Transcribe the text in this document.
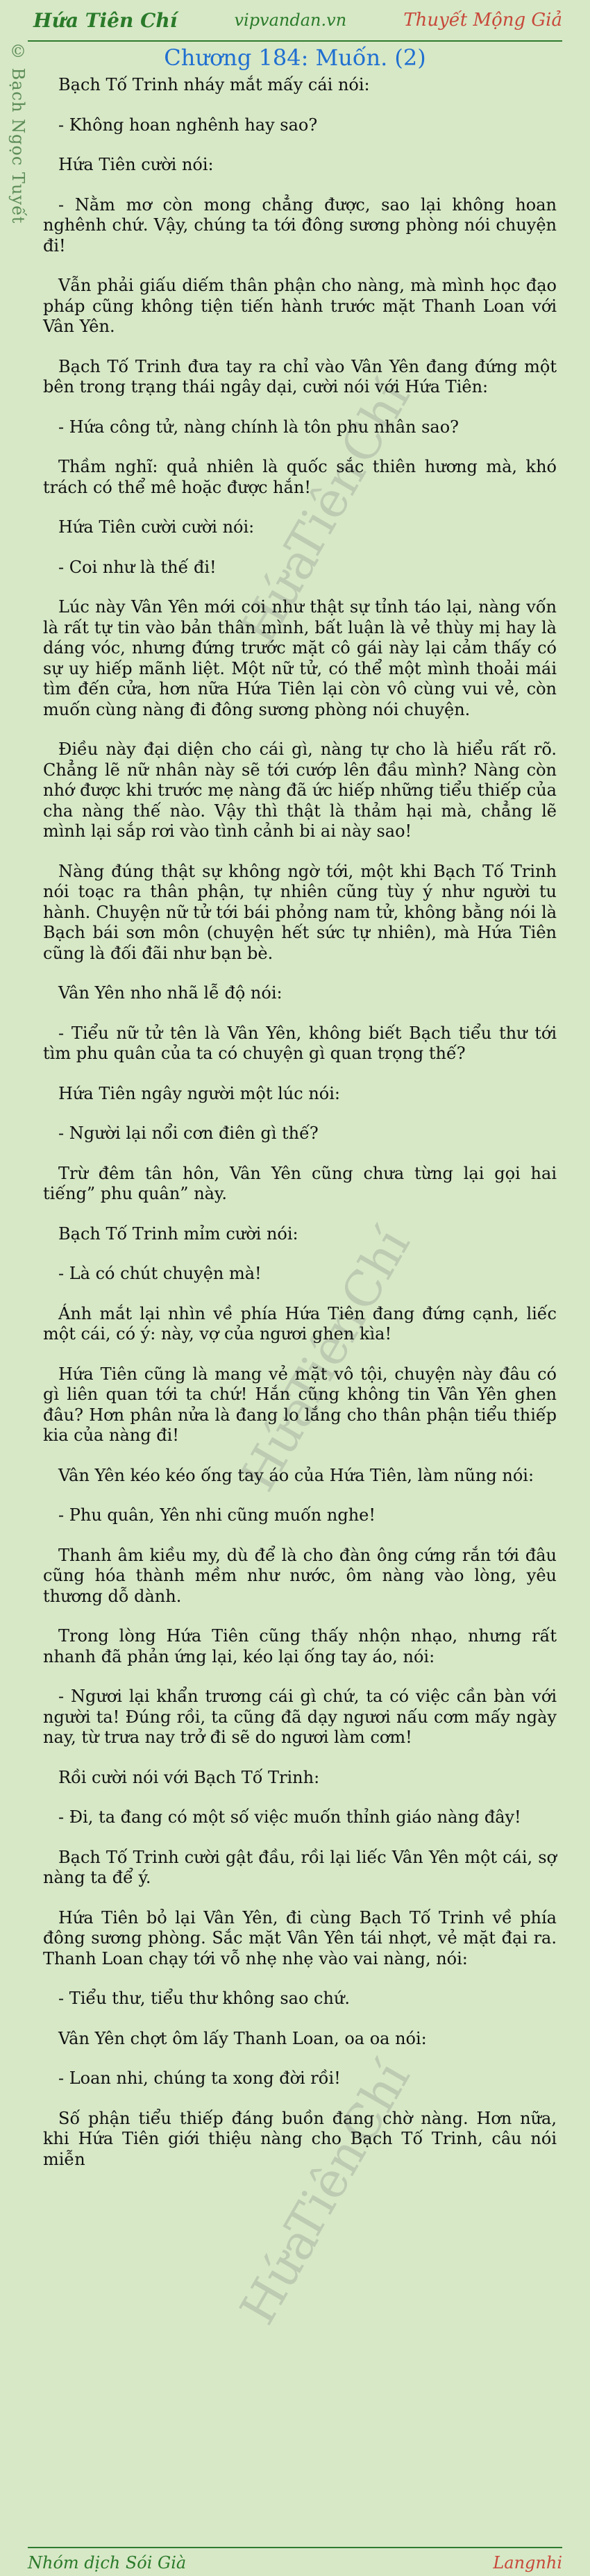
Hứa Tiên Chí	vipvandan.vn	Thuyết Mộng Giả
Chương 184: Muốn. (2)
© Bạch Ngọc Tuyết
Hứa
Tiên
Chí
Hứa
Tiên
Chí
Hứa
Tiên
Chí

Bạch Tố Trinh nháy mắt mấy cái nói:

- Không hoan nghênh hay sao?

Hứa Tiên cười nói:

- Nằm mơ còn mong chẳng được, sao lại không hoan nghênh chứ. Vậy, chúng ta tới đông sương phòng nói chuyện đi!

Vẫn phải giấu diếm thân phận cho nàng, mà mình học đạo pháp cũng không tiện tiến hành trước mặt Thanh Loan với Vân Yên.

Bạch Tố Trinh đưa tay ra chỉ vào Vân Yên đang đứng một bên trong trạng thái ngây dại, cười nói với Hứa Tiên:

- Hứa công tử, nàng chính là tôn phu nhân sao?

Thầm nghĩ: quả nhiên là quốc sắc thiên hương mà, khó trách có thể mê hoặc được hắn!

Hứa Tiên cười cười nói:

- Coi như là thế đi!

Lúc này Vân Yên mới coi như thật sự tỉnh táo lại, nàng vốn là rất tự tin vào bản thân mình, bất luận là vẻ thùy mị hay là dáng vóc, nhưng đứng trước mặt cô gái này lại cảm thấy có sự uy hiếp mãnh liệt. Một nữ tử, có thể một mình thoải mái tìm đến cửa, hơn nữa Hứa Tiên lại còn vô cùng vui vẻ, còn muốn cùng nàng đi đông sương phòng nói chuyện.

Điều này đại diện cho cái gì, nàng tự cho là hiểu rất rõ. Chẳng lẽ nữ nhân này sẽ tới cướp lên đầu mình? Nàng còn nhớ được khi trước mẹ nàng đã ức hiếp những tiểu thiếp của cha nàng thế nào. Vậy thì thật là thảm hại mà, chẳng lẽ mình lại sắp rơi vào tình cảnh bi ai này sao!

Nàng đúng thật sự không ngờ tới, một khi Bạch Tố Trinh nói toạc ra thân phận, tự nhiên cũng tùy ý như người tu hành. Chuyện nữ tử tới bái phỏng nam tử, không bằng nói là Bạch bái sơn môn (chuyện hết sức tự nhiên), mà Hứa Tiên cũng là đối đãi như bạn bè.

Vân Yên nho nhã lễ độ nói:

- Tiểu nữ tử tên là Vân Yên, không biết Bạch tiểu thư tới tìm phu quân của ta có chuyện gì quan trọng thế?

Hứa Tiên ngây người một lúc nói:

- Người lại nổi cơn điên gì thế?

Trừ đêm tân hôn, Vân Yên cũng chưa từng lại gọi hai tiếng” phu quân” này.

Bạch Tố Trinh mỉm cười nói:

- Là có chút chuyện mà!

Ánh mắt lại nhìn về phía Hứa Tiên đang đứng cạnh, liếc một cái, có ý: này, vợ của ngươi ghen kìa!

Hứa Tiên cũng là mang vẻ mặt vô tội, chuyện này đâu có gì liên quan tới ta chứ! Hắn cũng không tin Vân Yên ghen đâu? Hơn phân nửa là đang lo lắng cho thân phận tiểu thiếp kia của nàng đi!

Vân Yên kéo kéo ống tay áo của Hứa Tiên, làm nũng nói:

- Phu quân, Yên nhi cũng muốn nghe!

Thanh âm kiều my, dù để là cho đàn ông cứng rắn tới đâu cũng hóa thành mềm như nước, ôm nàng vào lòng, yêu thương dỗ dành.

Trong lòng Hứa Tiên cũng thấy nhộn nhạo, nhưng rất nhanh đã phản ứng lại, kéo lại ống tay áo, nói:

- Ngươi lại khẩn trương cái gì chứ, ta có việc cần bàn với người ta! Đúng rồi, ta cũng đã dạy ngươi nấu cơm mấy ngày nay, từ trưa nay trở đi sẽ do ngươi làm cơm!

Rồi cười nói với Bạch Tố Trinh:

- Đi, ta đang có một số việc muốn thỉnh giáo nàng đây!

Bạch Tố Trinh cười gật đầu, rồi lại liếc Vân Yên một cái, sợ nàng ta để ý.

Hứa Tiên bỏ lại Vân Yên, đi cùng Bạch Tố Trinh về phía đông sương phòng. Sắc mặt Vân Yên tái nhợt, vẻ mặt đại ra. Thanh Loan chạy tới vỗ nhẹ nhẹ vào vai nàng, nói:

- Tiểu thư, tiểu thư không sao chứ.

Vân Yên chợt ôm lấy Thanh Loan, oa oa nói:

- Loan nhi, chúng ta xong đời rồi!

Số phận tiểu thiếp đáng buồn đang chờ nàng. Hơn nữa, khi Hứa Tiên giới thiệu nàng cho Bạch Tố Trinh, câu nói miễn

Nhóm dịch Sói Già	Langnhi
